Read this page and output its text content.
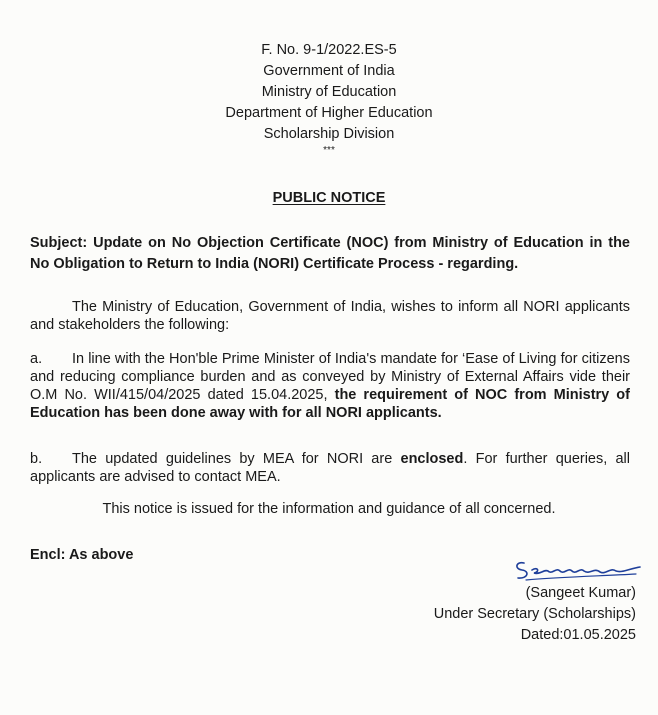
F. No. 9-1/2022.ES-5
Government of India
Ministry of Education
Department of Higher Education
Scholarship Division
***
PUBLIC NOTICE
Subject: Update on No Objection Certificate (NOC) from Ministry of Education in the No Obligation to Return to India (NORI) Certificate Process - regarding.
The Ministry of Education, Government of India, wishes to inform all NORI applicants and stakeholders the following:
a. In line with the Hon'ble Prime Minister of India's mandate for ‘Ease of Living for citizens and reducing compliance burden and as conveyed by Ministry of External Affairs vide their O.M No. WII/415/04/2025 dated 15.04.2025, the requirement of NOC from Ministry of Education has been done away with for all NORI applicants.
b. The updated guidelines by MEA for NORI are enclosed. For further queries, all applicants are advised to contact MEA.
This notice is issued for the information and guidance of all concerned.
Encl: As above
(Sangeet Kumar)
Under Secretary (Scholarships)
Dated:01.05.2025
